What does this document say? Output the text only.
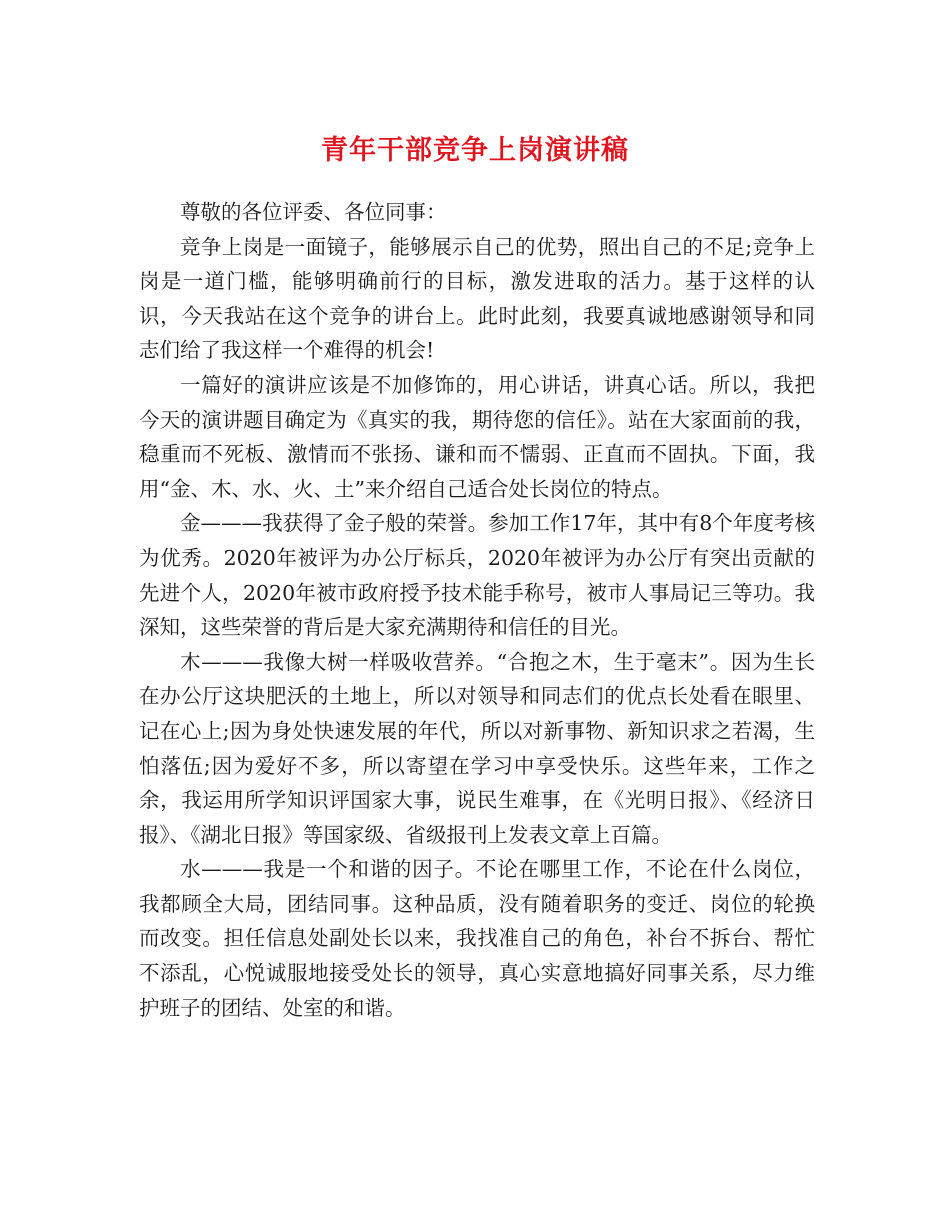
青年干部竞争上岗演讲稿

尊敬的各位评委、各位同事：

竞争上岗是一面镜子，能够展示自己的优势，照出自己的不足;竞争上岗是一道门槛，能够明确前行的目标，激发进取的活力。基于这样的认识，今天我站在这个竞争的讲台上。此时此刻，我要真诚地感谢领导和同志们给了我这样一个难得的机会!

一篇好的演讲应该是不加修饰的，用心讲话，讲真心话。所以，我把今天的演讲题目确定为《真实的我，期待您的信任》。站在大家面前的我，稳重而不死板、激情而不张扬、谦和而不懦弱、正直而不固执。下面，我用“金、木、水、火、土”来介绍自己适合处长岗位的特点。

金———我获得了金子般的荣誉。参加工作17年，其中有8个年度考核为优秀。2020年被评为办公厅标兵，2020年被评为办公厅有突出贡献的先进个人，2020年被市政府授予技术能手称号，被市人事局记三等功。我深知，这些荣誉的背后是大家充满期待和信任的目光。

木———我像大树一样吸收营养。“合抱之木，生于毫末”。因为生长在办公厅这块肥沃的土地上，所以对领导和同志们的优点长处看在眼里、记在心上;因为身处快速发展的年代，所以对新事物、新知识求之若渴，生怕落伍;因为爱好不多，所以寄望在学习中享受快乐。这些年来，工作之余，我运用所学知识评国家大事，说民生难事，在《光明日报》、《经济日报》、《湖北日报》等国家级、省级报刊上发表文章上百篇。

水———我是一个和谐的因子。不论在哪里工作，不论在什么岗位，我都顾全大局，团结同事。这种品质，没有随着职务的变迁、岗位的轮换而改变。担任信息处副处长以来，我找准自己的角色，补台不拆台、帮忙不添乱，心悦诚服地接受处长的领导，真心实意地搞好同事关系，尽力维护班子的团结、处室的和谐。
